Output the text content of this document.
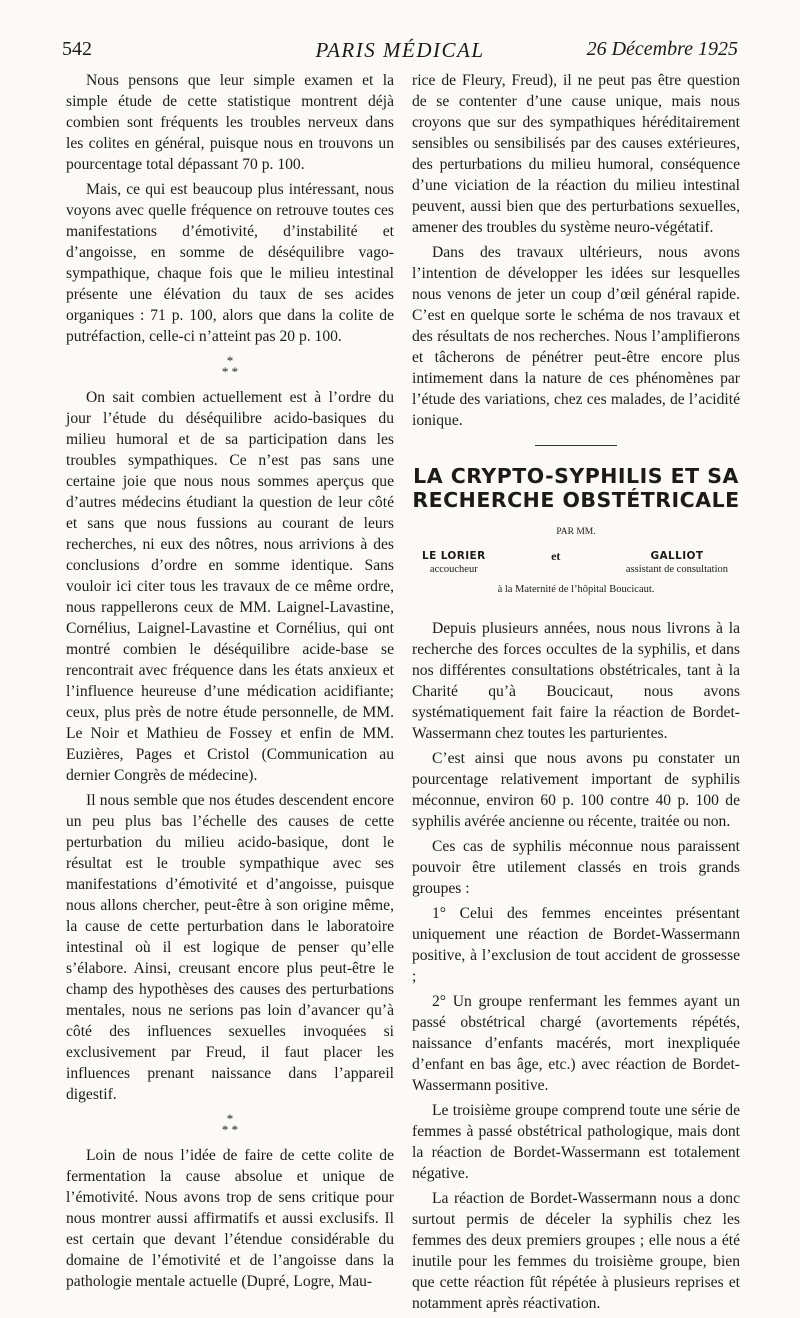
542	PARIS MÉDICAL	26 Décembre 1925

Nous pensons que leur simple examen et la simple étude de cette statistique montrent déjà combien sont fréquents les troubles nerveux dans les colites en général, puisque nous en trouvons un pourcentage total dépassant 70 p. 100.

Mais, ce qui est beaucoup plus intéressant, nous voyons avec quelle fréquence on retrouve toutes ces manifestations d’émotivité, d’instabilité et d’angoisse, en somme de déséquilibre vago-sympathique, chaque fois que le milieu intestinal présente une élévation du taux de ses acides organiques : 71 p. 100, alors que dans la colite de putréfaction, celle-ci n’atteint pas 20 p. 100.

*
* *

On sait combien actuellement est à l’ordre du jour l’étude du déséquilibre acido-basiques du milieu humoral et de sa participation dans les troubles sympathiques. Ce n’est pas sans une certaine joie que nous nous sommes aperçus que d’autres médecins étudiant la question de leur côté et sans que nous fussions au courant de leurs recherches, ni eux des nôtres, nous arrivions à des conclusions d’ordre en somme identique. Sans vouloir ici citer tous les travaux de ce même ordre, nous rappellerons ceux de MM. Laignel-Lavastine, Cornélius, Laignel-Lavastine et Cornélius, qui ont montré combien le déséquilibre acide-base se rencontrait avec fréquence dans les états anxieux et l’influence heureuse d’une médication acidifiante; ceux, plus près de notre étude personnelle, de MM. Le Noir et Mathieu de Fossey et enfin de MM. Euzières, Pages et Cristol (Communication au dernier Congrès de médecine).

Il nous semble que nos études descendent encore un peu plus bas l’échelle des causes de cette perturbation du milieu acido-basique, dont le résultat est le trouble sympathique avec ses manifestations d’émotivité et d’angoisse, puisque nous allons chercher, peut-être à son origine même, la cause de cette perturbation dans le laboratoire intestinal où il est logique de penser qu’elle s’élabore. Ainsi, creusant encore plus peut-être le champ des hypothèses des causes des perturbations mentales, nous ne serions pas loin d’avancer qu’à côté des influences sexuelles invoquées si exclusivement par Freud, il faut placer les influences prenant naissance dans l’appareil digestif.

*
* *

Loin de nous l’idée de faire de cette colite de fermentation la cause absolue et unique de l’émotivité. Nous avons trop de sens critique pour nous montrer aussi affirmatifs et aussi exclusifs. Il est certain que devant l’étendue considérable du domaine de l’émotivité et de l’angoisse dans la pathologie mentale actuelle (Dupré, Logre, Mau-

rice de Fleury, Freud), il ne peut pas être question de se contenter d’une cause unique, mais nous croyons que sur des sympathiques héréditairement sensibles ou sensibilisés par des causes extérieures, des perturbations du milieu humoral, conséquence d’une viciation de la réaction du milieu intestinal peuvent, aussi bien que des perturbations sexuelles, amener des troubles du système neuro-végétatif.

Dans des travaux ultérieurs, nous avons l’intention de développer les idées sur lesquelles nous venons de jeter un coup d’œil général rapide. C’est en quelque sorte le schéma de nos travaux et des résultats de nos recherches. Nous l’amplifierons et tâcherons de pénétrer peut-être encore plus intimement dans la nature de ces phénomènes par l’étude des variations, chez ces malades, de l’acidité ionique.

LA CRYPTO-SYPHILIS ET SA
RECHERCHE OBSTÉTRICALE
PAR MM.
LE LORIER
accoucheur
et	GALLIOT
assistant de consultation
à la Maternité de l’hôpital Boucicaut.

Depuis plusieurs années, nous nous livrons à la recherche des forces occultes de la syphilis, et dans nos différentes consultations obstétricales, tant à la Charité qu’à Boucicaut, nous avons systématiquement fait faire la réaction de Bordet-Wassermann chez toutes les parturientes.

C’est ainsi que nous avons pu constater un pourcentage relativement important de syphilis méconnue, environ 60 p. 100 contre 40 p. 100 de syphilis avérée ancienne ou récente, traitée ou non.

Ces cas de syphilis méconnue nous paraissent pouvoir être utilement classés en trois grands groupes :

1° Celui des femmes enceintes présentant uniquement une réaction de Bordet-Wassermann positive, à l’exclusion de tout accident de grossesse ;

2° Un groupe renfermant les femmes ayant un passé obstétrical chargé (avortements répétés, naissance d’enfants macérés, mort inexpliquée d’enfant en bas âge, etc.) avec réaction de Bordet-Wassermann positive.

Le troisième groupe comprend toute une série de femmes à passé obstétrical pathologique, mais dont la réaction de Bordet-Wassermann est totalement négative.

La réaction de Bordet-Wassermann nous a donc surtout permis de déceler la syphilis chez les femmes des deux premiers groupes ; elle nous a été inutile pour les femmes du troisième groupe, bien que cette réaction fût répétée à plusieurs reprises et notamment après réactivation.
